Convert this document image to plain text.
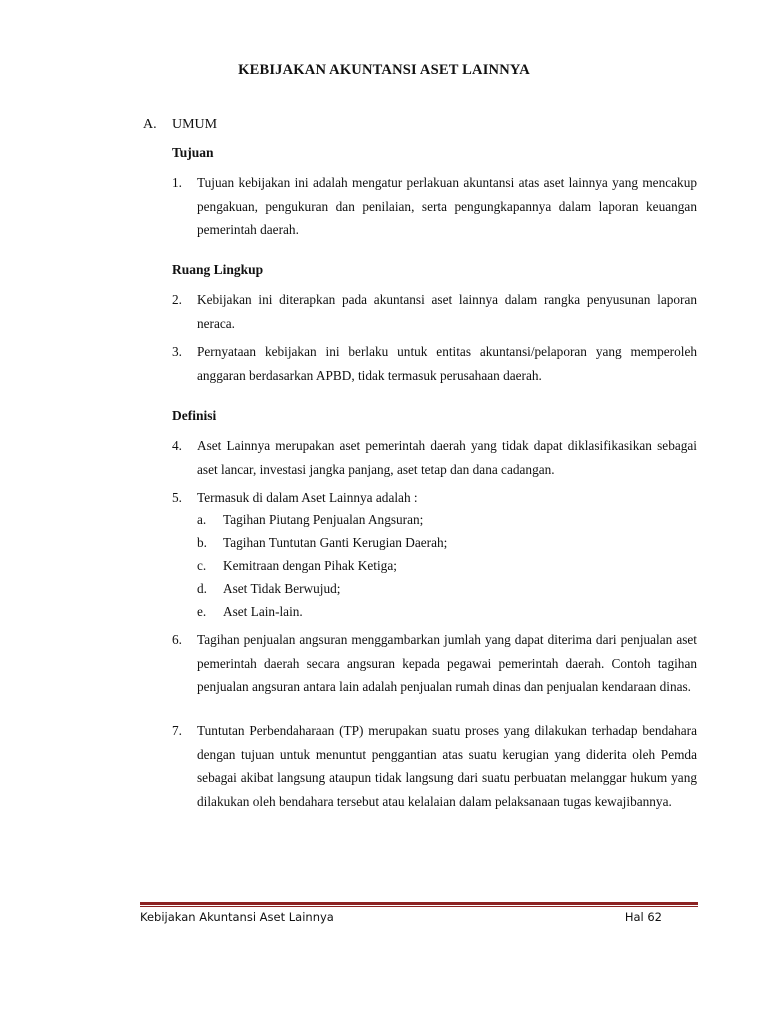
KEBIJAKAN AKUNTANSI ASET LAINNYA
A. UMUM
Tujuan
1.	Tujuan kebijakan ini adalah mengatur perlakuan akuntansi atas aset lainnya yang mencakup pengakuan, pengukuran dan penilaian, serta pengungkapannya dalam laporan keuangan pemerintah daerah.
Ruang Lingkup
2.	Kebijakan ini diterapkan pada akuntansi aset lainnya dalam rangka penyusunan laporan neraca.
3.	Pernyataan kebijakan ini berlaku untuk entitas akuntansi/pelaporan yang memperoleh anggaran berdasarkan APBD, tidak termasuk perusahaan daerah.
Definisi
4.	Aset Lainnya merupakan aset pemerintah daerah yang tidak dapat diklasifikasikan sebagai aset lancar, investasi jangka panjang, aset tetap dan dana cadangan.
5.	Termasuk di dalam Aset Lainnya adalah :
a. Tagihan Piutang Penjualan Angsuran;
b. Tagihan Tuntutan Ganti Kerugian Daerah;
c. Kemitraan dengan Pihak Ketiga;
d. Aset Tidak Berwujud;
e. Aset Lain-lain.
6.	Tagihan penjualan angsuran menggambarkan jumlah yang dapat diterima dari penjualan aset pemerintah daerah secara angsuran kepada pegawai pemerintah daerah. Contoh tagihan penjualan angsuran antara lain adalah penjualan rumah dinas dan penjualan kendaraan dinas.
7.	Tuntutan Perbendaharaan (TP) merupakan suatu proses yang dilakukan terhadap bendahara dengan tujuan untuk menuntut penggantian atas suatu kerugian yang diderita oleh Pemda sebagai akibat langsung ataupun tidak langsung dari suatu perbuatan melanggar hukum yang dilakukan oleh bendahara tersebut atau kelalaian dalam pelaksanaan tugas kewajibannya.
Kebijakan Akuntansi Aset Lainnya	Hal 62
